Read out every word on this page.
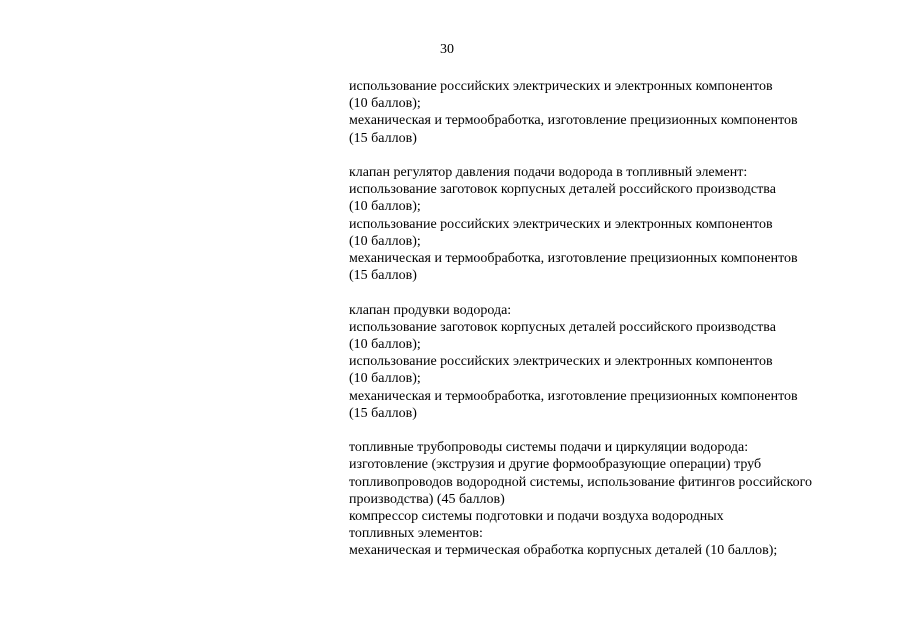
30
использование российских электрических и электронных компонентов
(10 баллов);
механическая и термообработка, изготовление прецизионных компонентов
(15 баллов)
клапан регулятор давления подачи водорода в топливный элемент:
использование заготовок корпусных деталей российского производства
(10 баллов);
использование российских электрических и электронных компонентов
(10 баллов);
механическая и термообработка, изготовление прецизионных компонентов
(15 баллов)
клапан продувки водорода:
использование заготовок корпусных деталей российского производства
(10 баллов);
использование российских электрических и электронных компонентов
(10 баллов);
механическая и термообработка, изготовление прецизионных компонентов
(15 баллов)
топливные трубопроводы системы подачи и циркуляции водорода:
изготовление (экструзия и другие формообразующие операции) труб
топливопроводов водородной системы, использование фитингов российского
производства) (45 баллов)
компрессор системы подготовки и подачи воздуха водородных
топливных элементов:
механическая и термическая обработка корпусных деталей (10 баллов);
